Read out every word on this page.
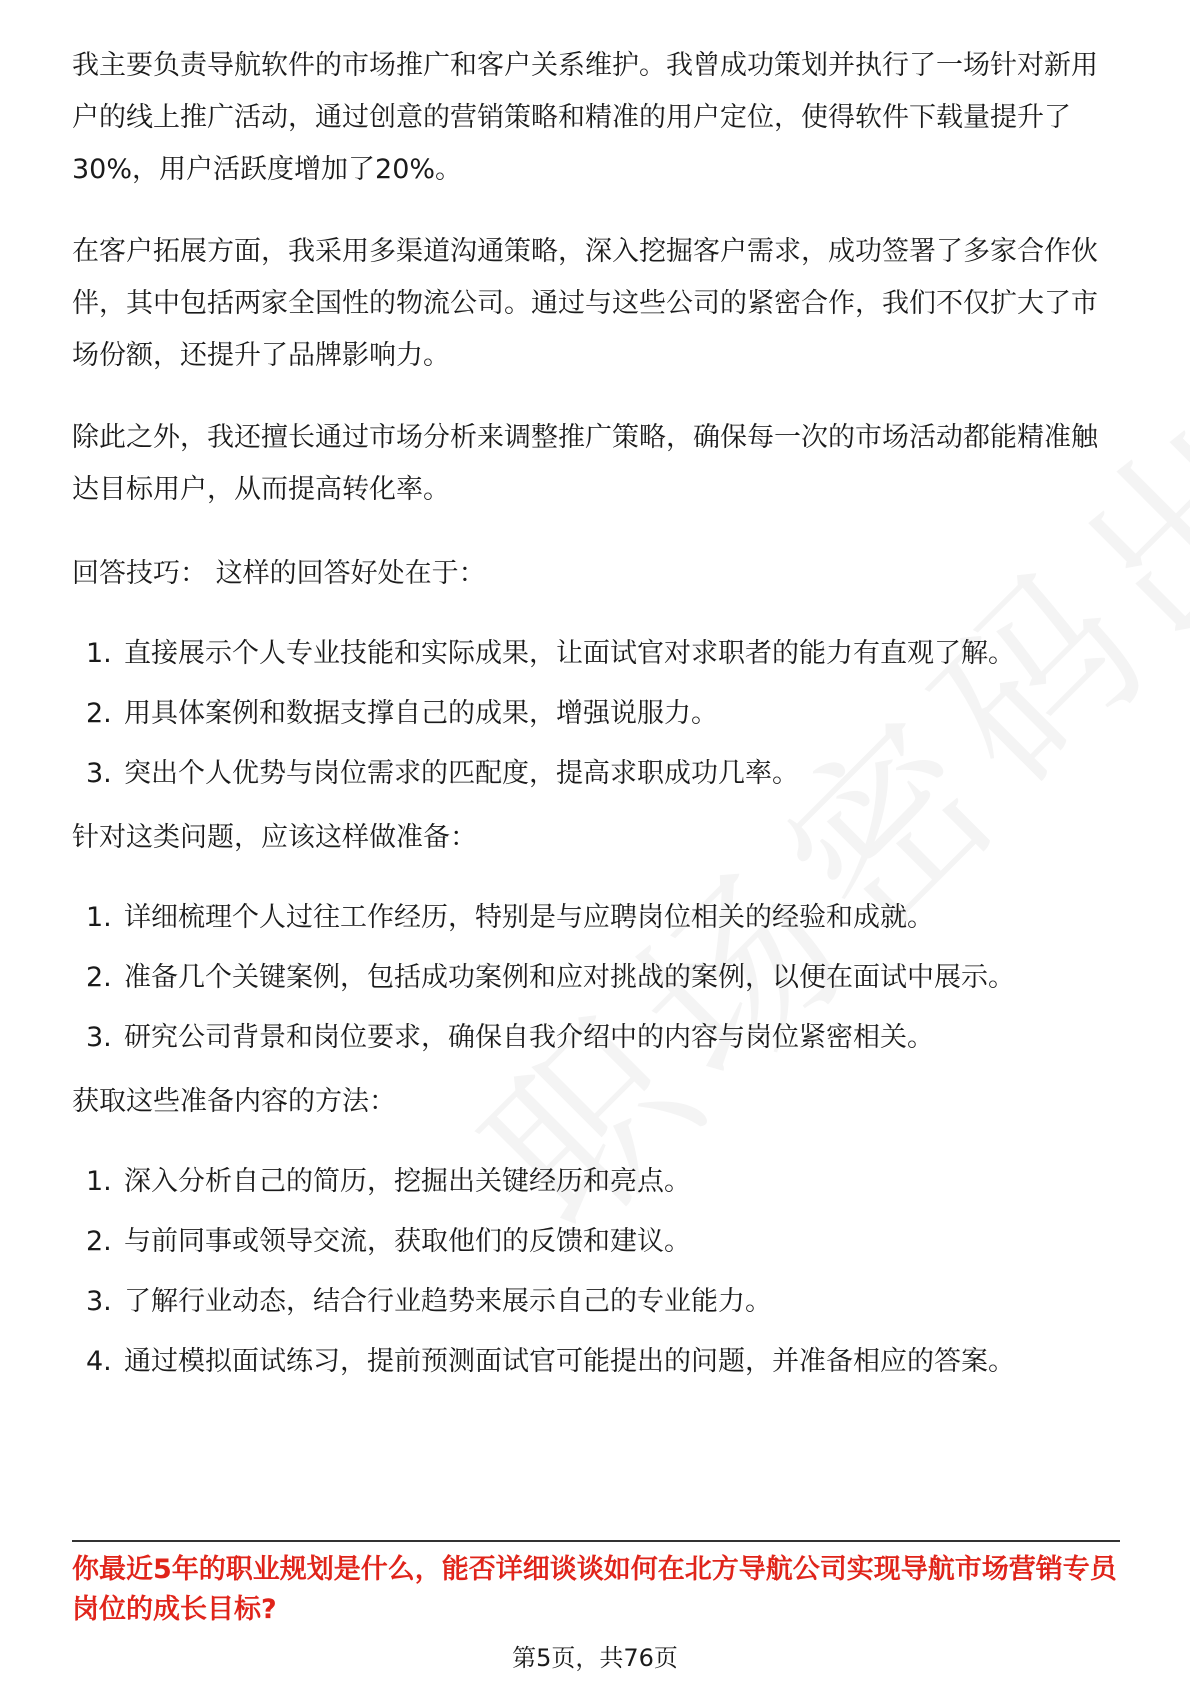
我主要负责导航软件的市场推广和客户关系维护。我曾成功策划并执行了一场针对新用户的线上推广活动，通过创意的营销策略和精准的用户定位，使得软件下载量提升了30%，用户活跃度增加了20%。

在客户拓展方面，我采用多渠道沟通策略，深入挖掘客户需求，成功签署了多家合作伙伴，其中包括两家全国性的物流公司。通过与这些公司的紧密合作，我们不仅扩大了市场份额，还提升了品牌影响力。

除此之外，我还擅长通过市场分析来调整推广策略，确保每一次的市场活动都能精准触达目标用户，从而提高转化率。

回答技巧： 这样的回答好处在于：

1. 直接展示个人专业技能和实际成果，让面试官对求职者的能力有直观了解。
2. 用具体案例和数据支撑自己的成果，增强说服力。
3. 突出个人优势与岗位需求的匹配度，提高求职成功几率。

针对这类问题，应该这样做准备：

1. 详细梳理个人过往工作经历，特别是与应聘岗位相关的经验和成就。
2. 准备几个关键案例，包括成功案例和应对挑战的案例，以便在面试中展示。
3. 研究公司背景和岗位要求，确保自我介绍中的内容与岗位紧密相关。

获取这些准备内容的方法：

1. 深入分析自己的简历，挖掘出关键经历和亮点。
2. 与前同事或领导交流，获取他们的反馈和建议。
3. 了解行业动态，结合行业趋势来展示自己的专业能力。
4. 通过模拟面试练习，提前预测面试官可能提出的问题，并准备相应的答案。

你最近5年的职业规划是什么，能否详细谈谈如何在北方导航公司实现导航市场营销专员岗位的成长目标?

第5页，共76页
